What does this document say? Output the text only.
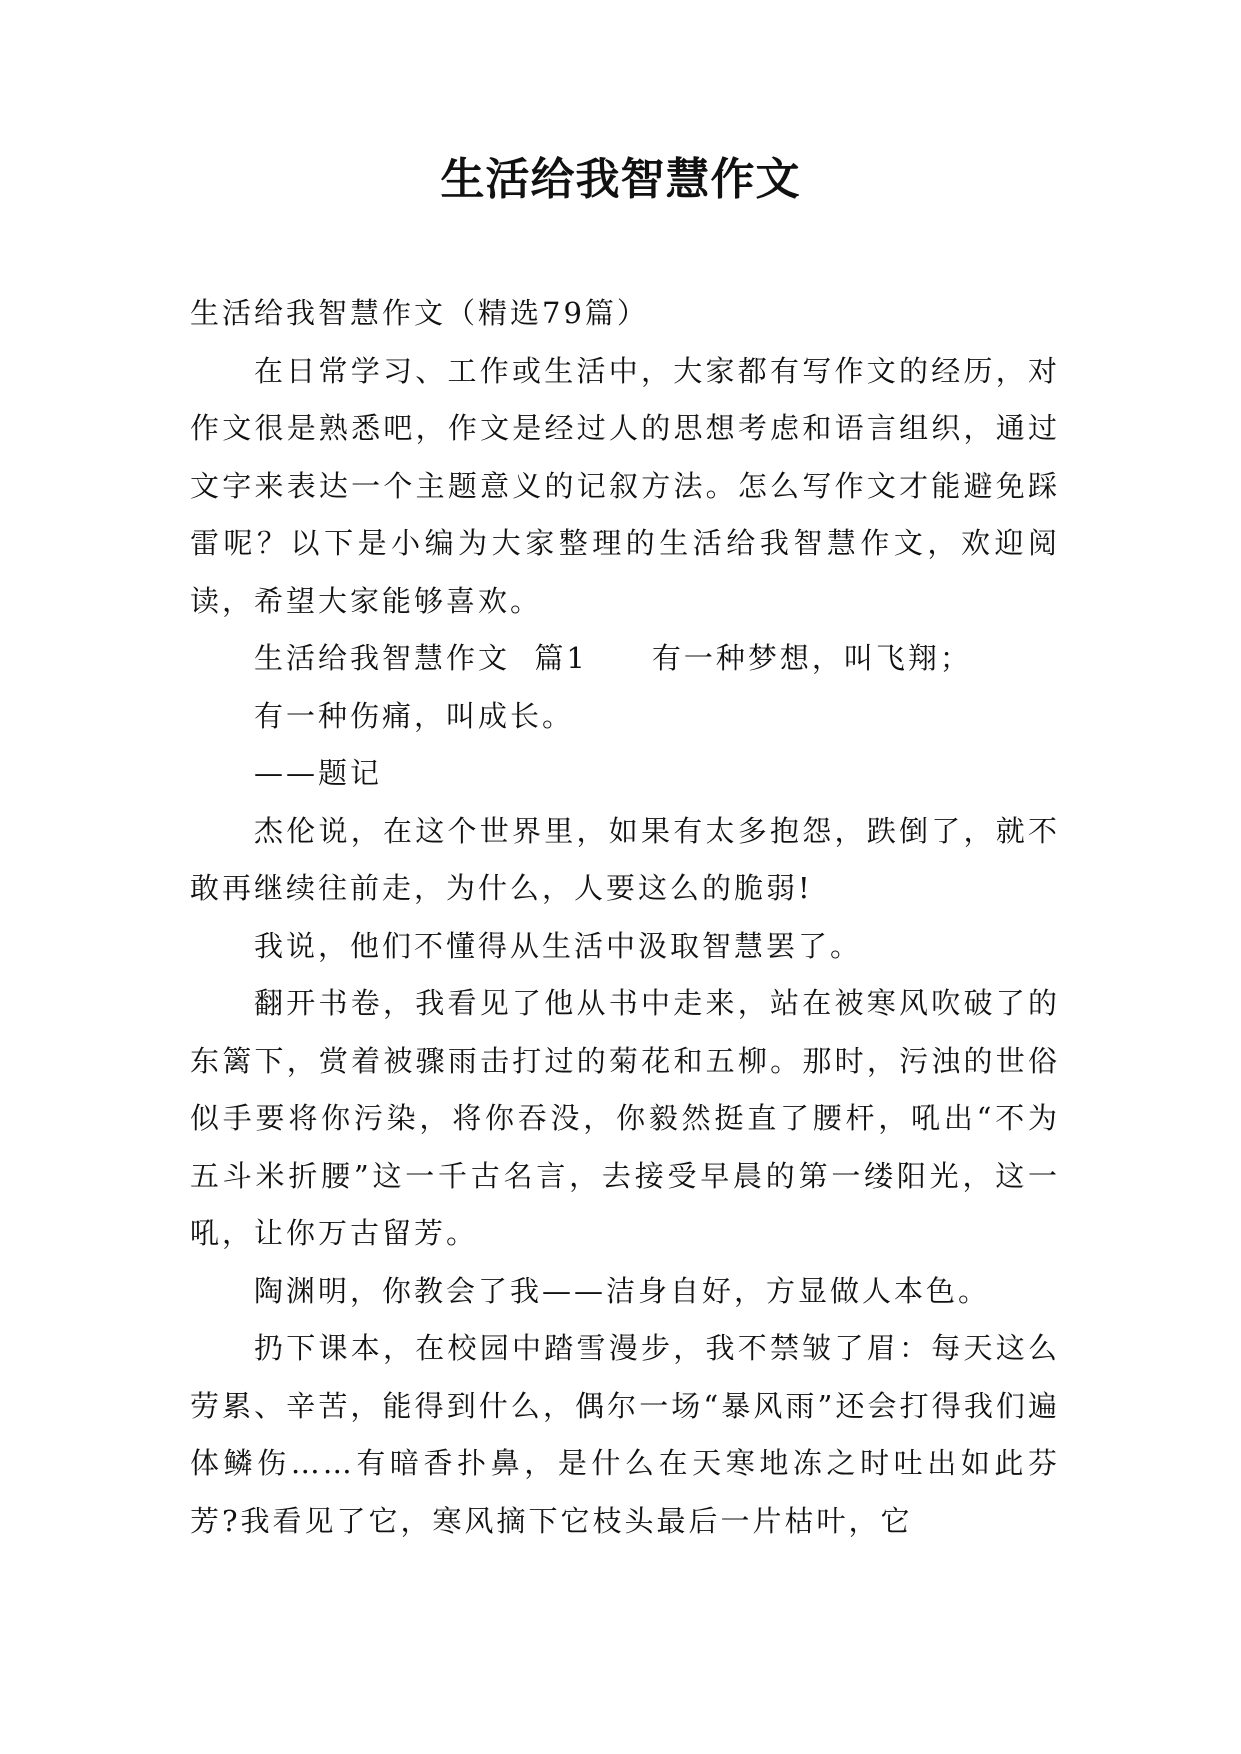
生活给我智慧作文

生活给我智慧作文（精选79篇）

在日常学习、工作或生活中，大家都有写作文的经历，对作文很是熟悉吧，作文是经过人的思想考虑和语言组织，通过文字来表达一个主题意义的记叙方法。怎么写作文才能避免踩雷呢？以下是小编为大家整理的生活给我智慧作文，欢迎阅读，希望大家能够喜欢。

生活给我智慧作文  篇1　　有一种梦想，叫飞翔；

有一种伤痛，叫成长。

——题记

杰伦说，在这个世界里，如果有太多抱怨，跌倒了，就不敢再继续往前走，为什么，人要这么的脆弱!

我说，他们不懂得从生活中汲取智慧罢了。

翻开书卷，我看见了他从书中走来，站在被寒风吹破了的东篱下，赏着被骤雨击打过的菊花和五柳。那时，污浊的世俗似手要将你污染，将你吞没，你毅然挺直了腰杆，吼出“不为五斗米折腰”这一千古名言，去接受早晨的第一缕阳光，这一吼，让你万古留芳。

陶渊明，你教会了我——洁身自好，方显做人本色。

扔下课本，在校园中踏雪漫步，我不禁皱了眉：每天这么劳累、辛苦，能得到什么，偶尔一场“暴风雨”还会打得我们遍体鳞伤……有暗香扑鼻，是什么在天寒地冻之时吐出如此芬芳?我看见了它，寒风摘下它枝头最后一片枯叶，它
